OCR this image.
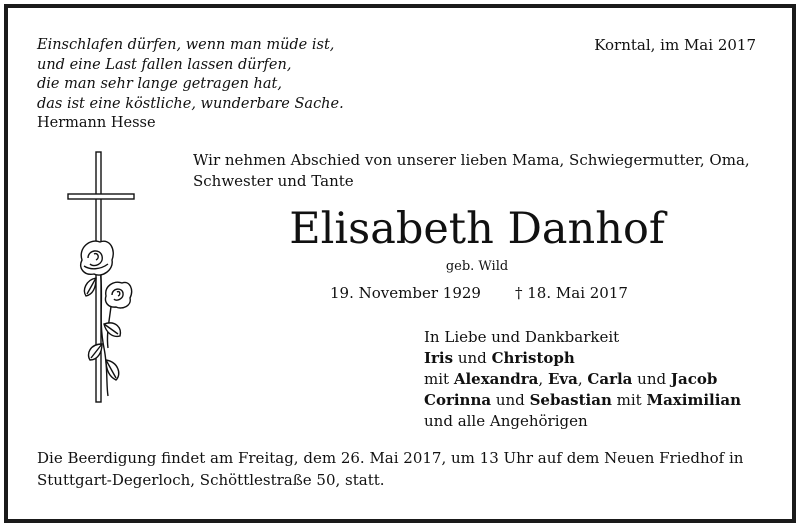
Einschlafen dürfen, wenn man müde ist,
und eine Last fallen lassen dürfen,
die man sehr lange getragen hat,
das ist eine köstliche, wunderbare Sache.
Hermann Hesse
Korntal, im Mai 2017
Wir nehmen Abschied von unserer lieben Mama, Schwiegermutter, Oma,
Schwester und Tante
Elisabeth Danhof
geb. Wild
19. November 1929 † 18. Mai 2017
In Liebe und Dankbarkeit
Iris und Christoph
mit Alexandra, Eva, Carla und Jacob
Corinna und Sebastian mit Maximilian
und alle Angehörigen
Die Beerdigung findet am Freitag, dem 26. Mai 2017, um 13 Uhr auf dem Neuen Friedhof in
Stuttgart-Degerloch, Schöttlestraße 50, statt.
